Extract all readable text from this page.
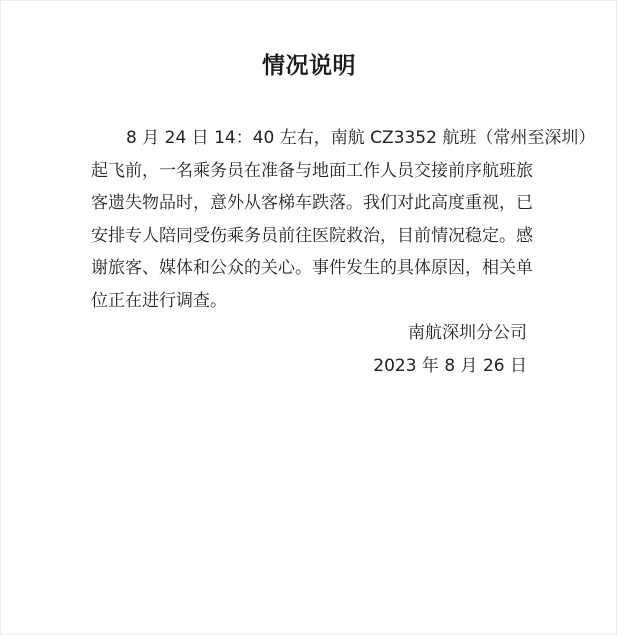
情况说明

8 月 24 日 14：40 左右，南航 CZ3352 航班（常州至深圳）

起飞前，一名乘务员在准备与地面工作人员交接前序航班旅

客遗失物品时，意外从客梯车跌落。我们对此高度重视，已

安排专人陪同受伤乘务员前往医院救治，目前情况稳定。感

谢旅客、媒体和公众的关心。事件发生的具体原因，相关单

位正在进行调查。

南航深圳分公司

2023 年 8 月 26 日
